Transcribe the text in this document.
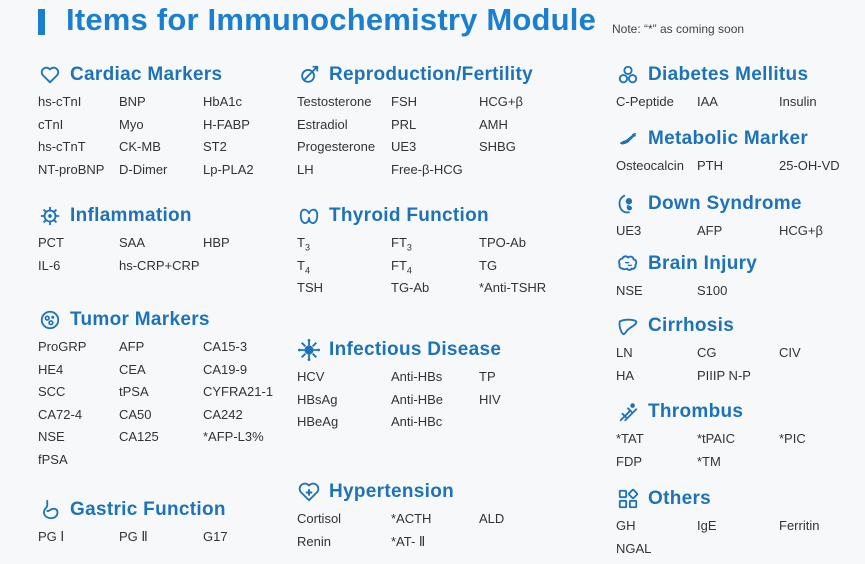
Items for Immunochemistry Module Note: “*” as coming soon
Cardiac Markers
hs-cTnI	BNP	HbA1c
cTnI	Myo	H-FABP
hs-cTnT	CK-MB	ST2
NT-proBNP	D-Dimer	Lp-PLA2
Inflammation
PCT	SAA	HBP
IL-6	hs-CRP+CRP
Tumor Markers
ProGRP	AFP	CA15-3
HE4	CEA	CA19-9
SCC	tPSA	CYFRA21-1
CA72-4	CA50	CA242
NSE	CA125	*AFP-L3%
fPSA
Gastric Function
PG Ⅰ	PG Ⅱ	G17
Reproduction/Fertility
Testosterone	FSH	HCG+β
Estradiol	PRL	AMH
Progesterone	UE3	SHBG
LH	Free-β-HCG
Thyroid Function
$T_3$	$FT_3$	TPO-Ab
$T_4$	$FT_4$	TG
TSH	TG-Ab	*Anti-TSHR
Infectious Disease
HCV	Anti-HBs	TP
HBsAg	Anti-HBe	HIV
HBeAg	Anti-HBc
Hypertension
Cortisol	*ACTH	ALD
Renin	*AT- Ⅱ
Diabetes Mellitus
C-Peptide	IAA	Insulin
Metabolic Marker
Osteocalcin	PTH	25-OH-VD
Down Syndrome
UE3	AFP	HCG+β
Brain Injury
NSE	S100
Cirrhosis
LN	CG	CIV
HA	PIIIP N-P
Thrombus
*TAT	*tPAIC	*PIC
FDP	*TM
Others
GH	IgE	Ferritin
NGAL
